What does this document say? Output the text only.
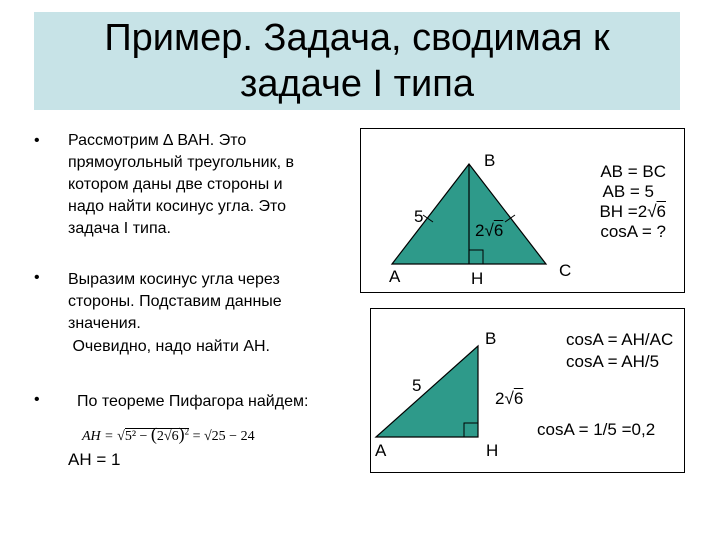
Пример. Задача, сводимая к
задаче I типа
• Рассмотрим ∆ ВАН. Это
прямоугольный треугольник, в
котором даны две стороны и
надо найти косинус угла. Это
задача I типа.
• Выразим косинус угла через
стороны. Подставим данные
значения.
Очевидно, надо найти АН.
• По теореме Пифагора найдем:
AH = $√5^2 - (2√6)^2 = √25 - 24$
АН = 1
B
A	H	C
5
2√6
AB = BC
AB = 5
BH =2√6
cosA = ?
B
A	H
5
2√6
cosA = AH/AC
cosA = AH/5
cosA = 1/5 =0,2
